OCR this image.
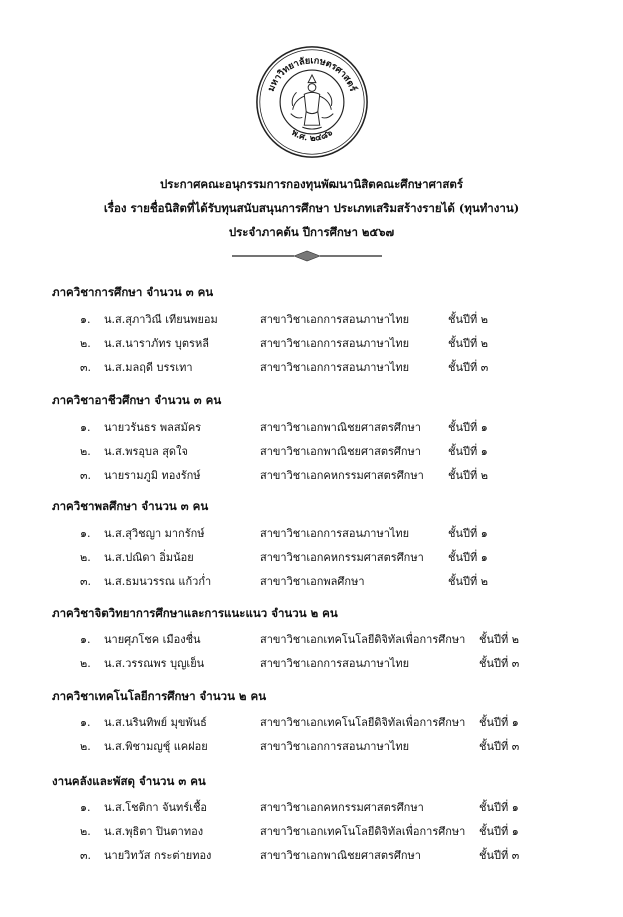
มหาวิทยาลัยเกษตรศาสตร์
พ.ศ. ๒๔๘๖
ประกาศคณะอนุกรรมการกองทุนพัฒนานิสิตคณะศึกษาศาสตร์
เรื่อง รายชื่อนิสิตที่ได้รับทุนสนับสนุนการศึกษา ประเภทเสริมสร้างรายได้ (ทุนทำงาน)
ประจำภาคต้น ปีการศึกษา ๒๕๖๗
ภาควิชาการศึกษา จำนวน ๓ คน
๑. น.ส.สุภาวิณี เทียนพยอม	สาขาวิชาเอกการสอนภาษาไทย	ชั้นปีที่ ๒
๒. น.ส.นาราภัทร บุตรหลี	สาขาวิชาเอกการสอนภาษาไทย	ชั้นปีที่ ๒
๓. น.ส.มลฤดี บรรเทา	สาขาวิชาเอกการสอนภาษาไทย	ชั้นปีที่ ๓
ภาควิชาอาชีวศึกษา จำนวน ๓ คน
๑. นายวรันธร พลสมัคร	สาขาวิชาเอกพาณิชยศาสตรศึกษา ชั้นปีที่ ๑
๒. น.ส.พรอุบล สุดใจ	สาขาวิชาเอกพาณิชยศาสตรศึกษา ชั้นปีที่ ๑
๓. นายรามภูมิ ทองรักษ์	สาขาวิชาเอกคหกรรมศาสตรศึกษา ชั้นปีที่ ๒
ภาควิชาพลศึกษา จำนวน ๓ คน
๑. น.ส.สุวิชญา มากรักษ์	สาขาวิชาเอกการสอนภาษาไทย	ชั้นปีที่ ๑
๒. น.ส.ปณิดา อิ่มน้อย	สาขาวิชาเอกคหกรรมศาสตรศึกษา ชั้นปีที่ ๑
๓. น.ส.ธมนวรรณ แก้วก่ำ	สาขาวิชาเอกพลศึกษา	ชั้นปีที่ ๒
ภาควิชาจิตวิทยาการศึกษาและการแนะแนว จำนวน ๒ คน
๑. นายศุภโชค เมืองชื่น	สาขาวิชาเอกเทคโนโลยีดิจิทัลเพื่อการศึกษา ชั้นปีที่ ๒
๒. น.ส.วรรณพร บุญเย็น	สาขาวิชาเอกการสอนภาษาไทย	ชั้นปีที่ ๓
ภาควิชาเทคโนโลยีการศึกษา จำนวน ๒ คน
๑. น.ส.นรินทิพย์ มุขพันธ์	สาขาวิชาเอกเทคโนโลยีดิจิทัลเพื่อการศึกษา ชั้นปีที่ ๑
๒. น.ส.พิชามญชุ์ แคฝอย	สาขาวิชาเอกการสอนภาษาไทย	ชั้นปีที่ ๓
งานคลังและพัสดุ จำนวน ๓ คน
๑. น.ส.โชติกา จันทร์เชื้อ	สาขาวิชาเอกคหกรรมศาสตรศึกษา	ชั้นปีที่ ๑
๒. น.ส.พุธิตา ปินตาทอง	สาขาวิชาเอกเทคโนโลยีดิจิทัลเพื่อการศึกษา ชั้นปีที่ ๑
๓. นายวิทวัส กระต่ายทอง	สาขาวิชาเอกพาณิชยศาสตรศึกษา	ชั้นปีที่ ๓
